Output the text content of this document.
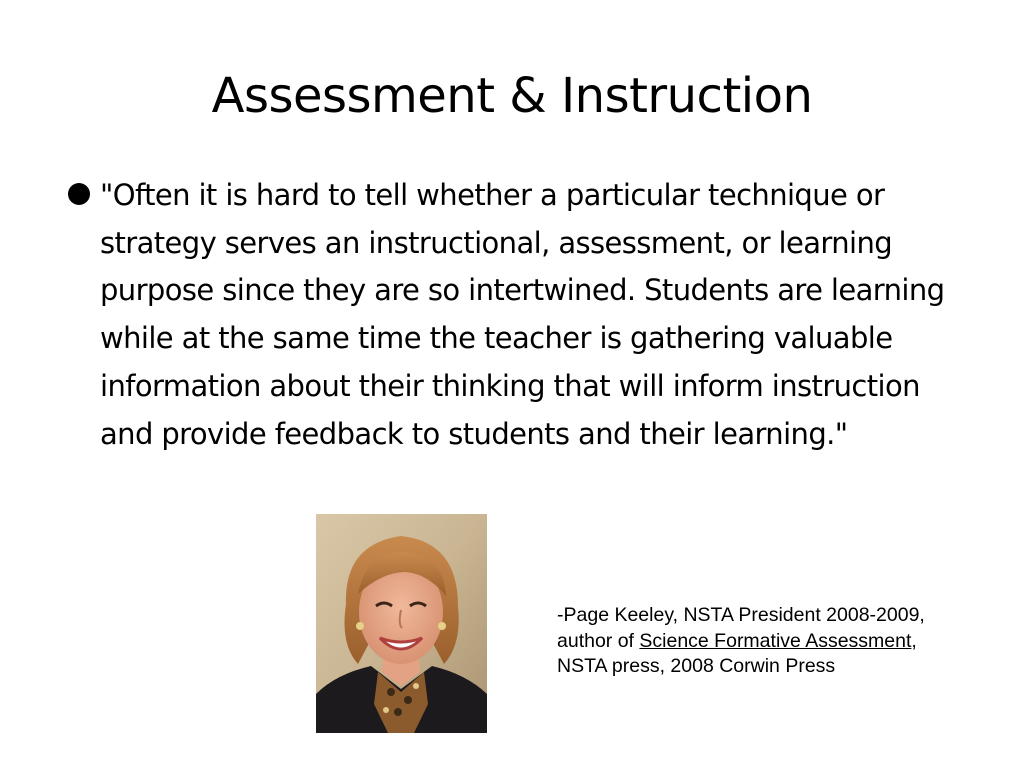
Assessment & Instruction

"Often it is hard to tell whether a particular technique or strategy serves an instructional, assessment, or learning purpose since they are so intertwined. Students are learning while at the same time the teacher is gathering valuable information about their thinking that will inform instruction and provide feedback to students and their learning."

-Page Keeley, NSTA President 2008-2009,
author of Science Formative Assessment,
NSTA press, 2008 Corwin Press
